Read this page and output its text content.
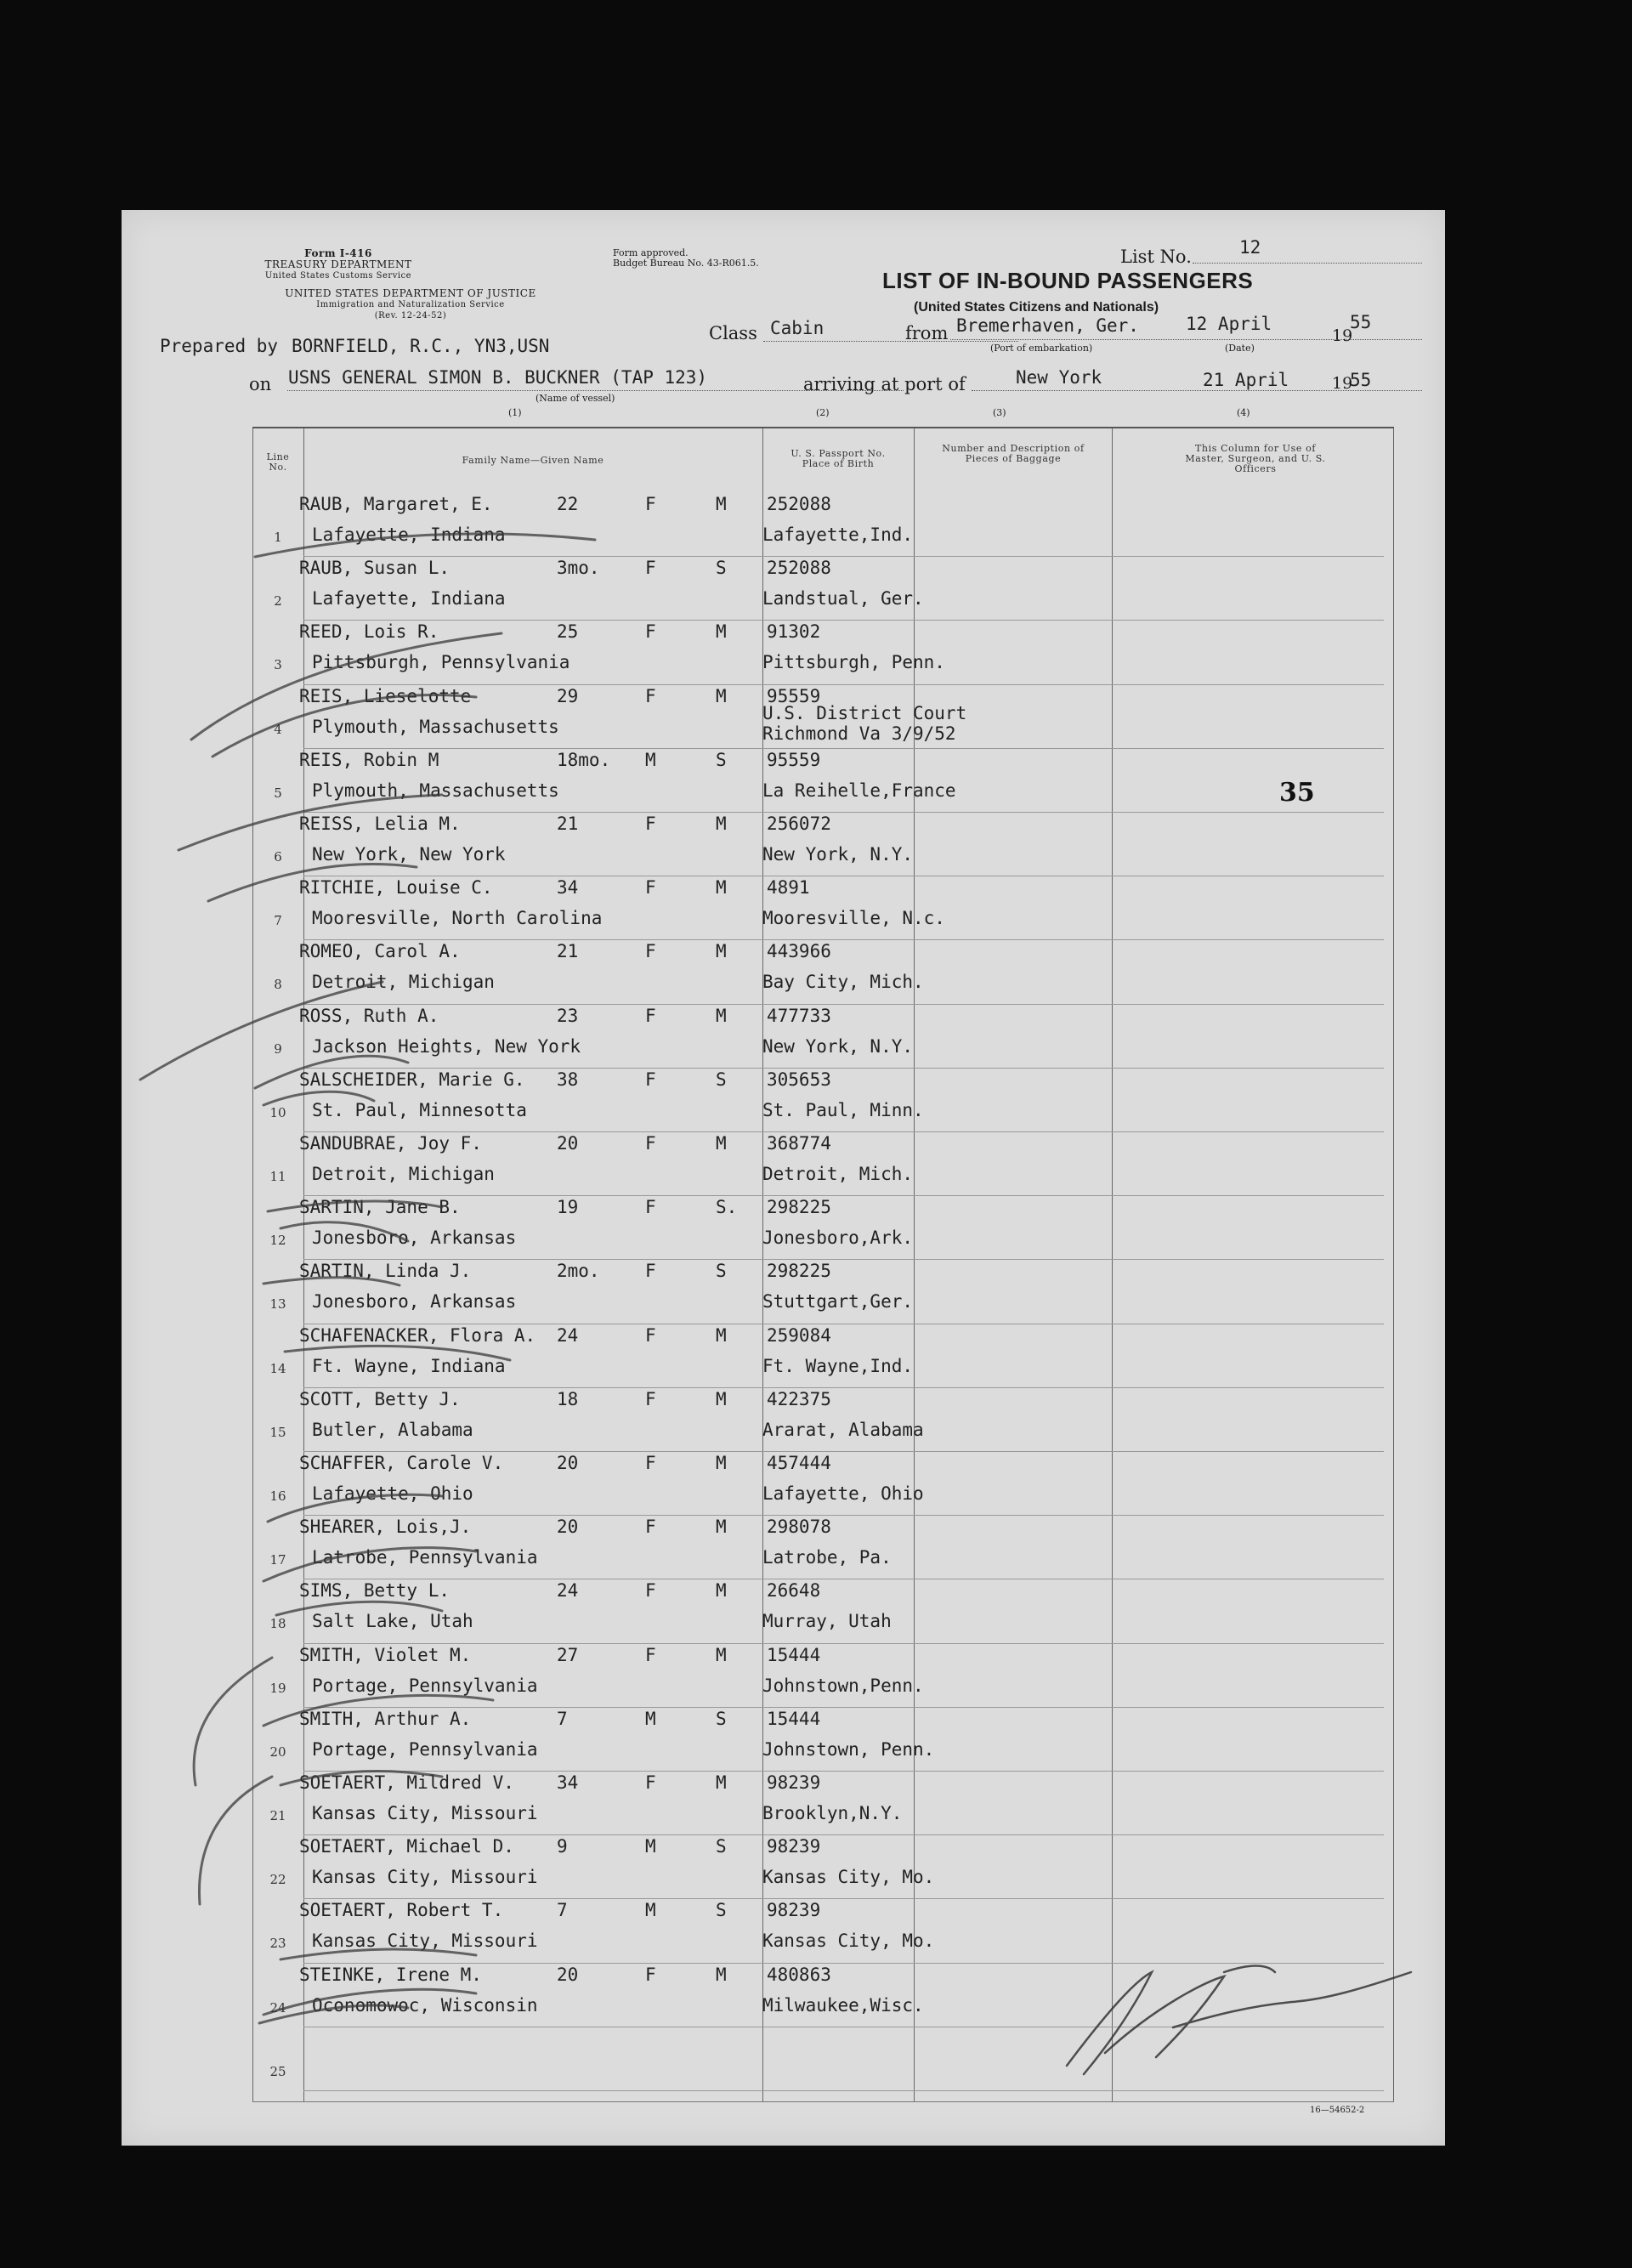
Form I-416
TREASURY DEPARTMENT
United States Customs Service
UNITED STATES DEPARTMENT OF JUSTICE
Immigration and Naturalization Service
(Rev. 12-24-52)
Form approved.
Budget Bureau No. 43-R061.5.	List No.	12
LIST OF IN-BOUND PASSENGERS
(United States Citizens and Nationals)
Prepared by BORNFIELD, R.C., YN3,USN
Class Cabin	from Bremerhaven, Ger.	12 April
19
55
(Port of embarkation)	(Date)
on USNS GENERAL SIMON B. BUCKNER (TAP 123)
(Name of vessel)
arriving at port of	New York	21 April	19
55
(1)	(2)	(3)	(4)
16—54652-2
35
Line No.
Family Name—Given Name
U. S. Passport No. Place of Birth
Number and Description of Pieces of Baggage
This Column for Use of Master, Surgeon, and U. S. Officers
1
RAUB, Margaret, E.	22	F	M
Lafayette, Indiana
252088
Lafayette,Ind.
2
RAUB, Susan L.	3mo.	F	S
Lafayette, Indiana
252088
Landstual, Ger.
3
REED, Lois R.	25	F	M
Pittsburgh, Pennsylvania
91302
Pittsburgh, Penn.
4
REIS, Lieselotte	29	F	M
Plymouth, Massachusetts
95559
U.S. District Court
Richmond Va 3/9/52
5
REIS, Robin M	18mo. M	S
Plymouth, Massachusetts
95559
La Reihelle,France
6
REISS, Lelia M.	21	F	M
New York, New York
256072
New York, N.Y.
7
RITCHIE, Louise C.	34	F	M
Mooresville, North Carolina
4891
Mooresville, N.c.
8
ROMEO, Carol A.	21	F	M
Detroit, Michigan
443966
Bay City, Mich.
9
ROSS, Ruth A.	23	F	M
Jackson Heights, New York
477733
New York, N.Y.
10
SALSCHEIDER, Marie G. 38	F	S
St. Paul, Minnesotta
305653
St. Paul, Minn.
11
SANDUBRAE, Joy F.	20	F	M
Detroit, Michigan
368774
Detroit, Mich.
12
SARTIN, Jane B.	19	F	S.
Jonesboro, Arkansas
298225
Jonesboro,Ark.
13
SARTIN, Linda J.	2mo.	F	S
Jonesboro, Arkansas
298225
Stuttgart,Ger.
14
SCHAFENACKER, Flora A. 24	F	M
Ft. Wayne, Indiana
259084
Ft. Wayne,Ind.
15
SCOTT, Betty J.	18	F	M
Butler, Alabama
422375
Ararat, Alabama
16
SCHAFFER, Carole V.	20	F	M
Lafayette, Ohio
457444
Lafayette, Ohio
17
SHEARER, Lois,J.	20	F	M
Latrobe, Pennsylvania
298078
Latrobe, Pa.
18
SIMS, Betty L.	24	F	M
Salt Lake, Utah
26648
Murray, Utah
19
SMITH, Violet M.	27	F	M
Portage, Pennsylvania
15444
Johnstown,Penn.
20
SMITH, Arthur A.	7	M	S
Portage, Pennsylvania
15444
Johnstown, Penn.
21
SOETAERT, Mildred V. 34	F	M
Kansas City, Missouri
98239
Brooklyn,N.Y.
22
SOETAERT, Michael D. 9	M	S
Kansas City, Missouri
98239
Kansas City, Mo.
23
SOETAERT, Robert T.	7	M	S
Kansas City, Missouri
98239
Kansas City, Mo.
24
STEINKE, Irene M.	20	F	M
Oconomowoc, Wisconsin
480863
Milwaukee,Wisc.
25
